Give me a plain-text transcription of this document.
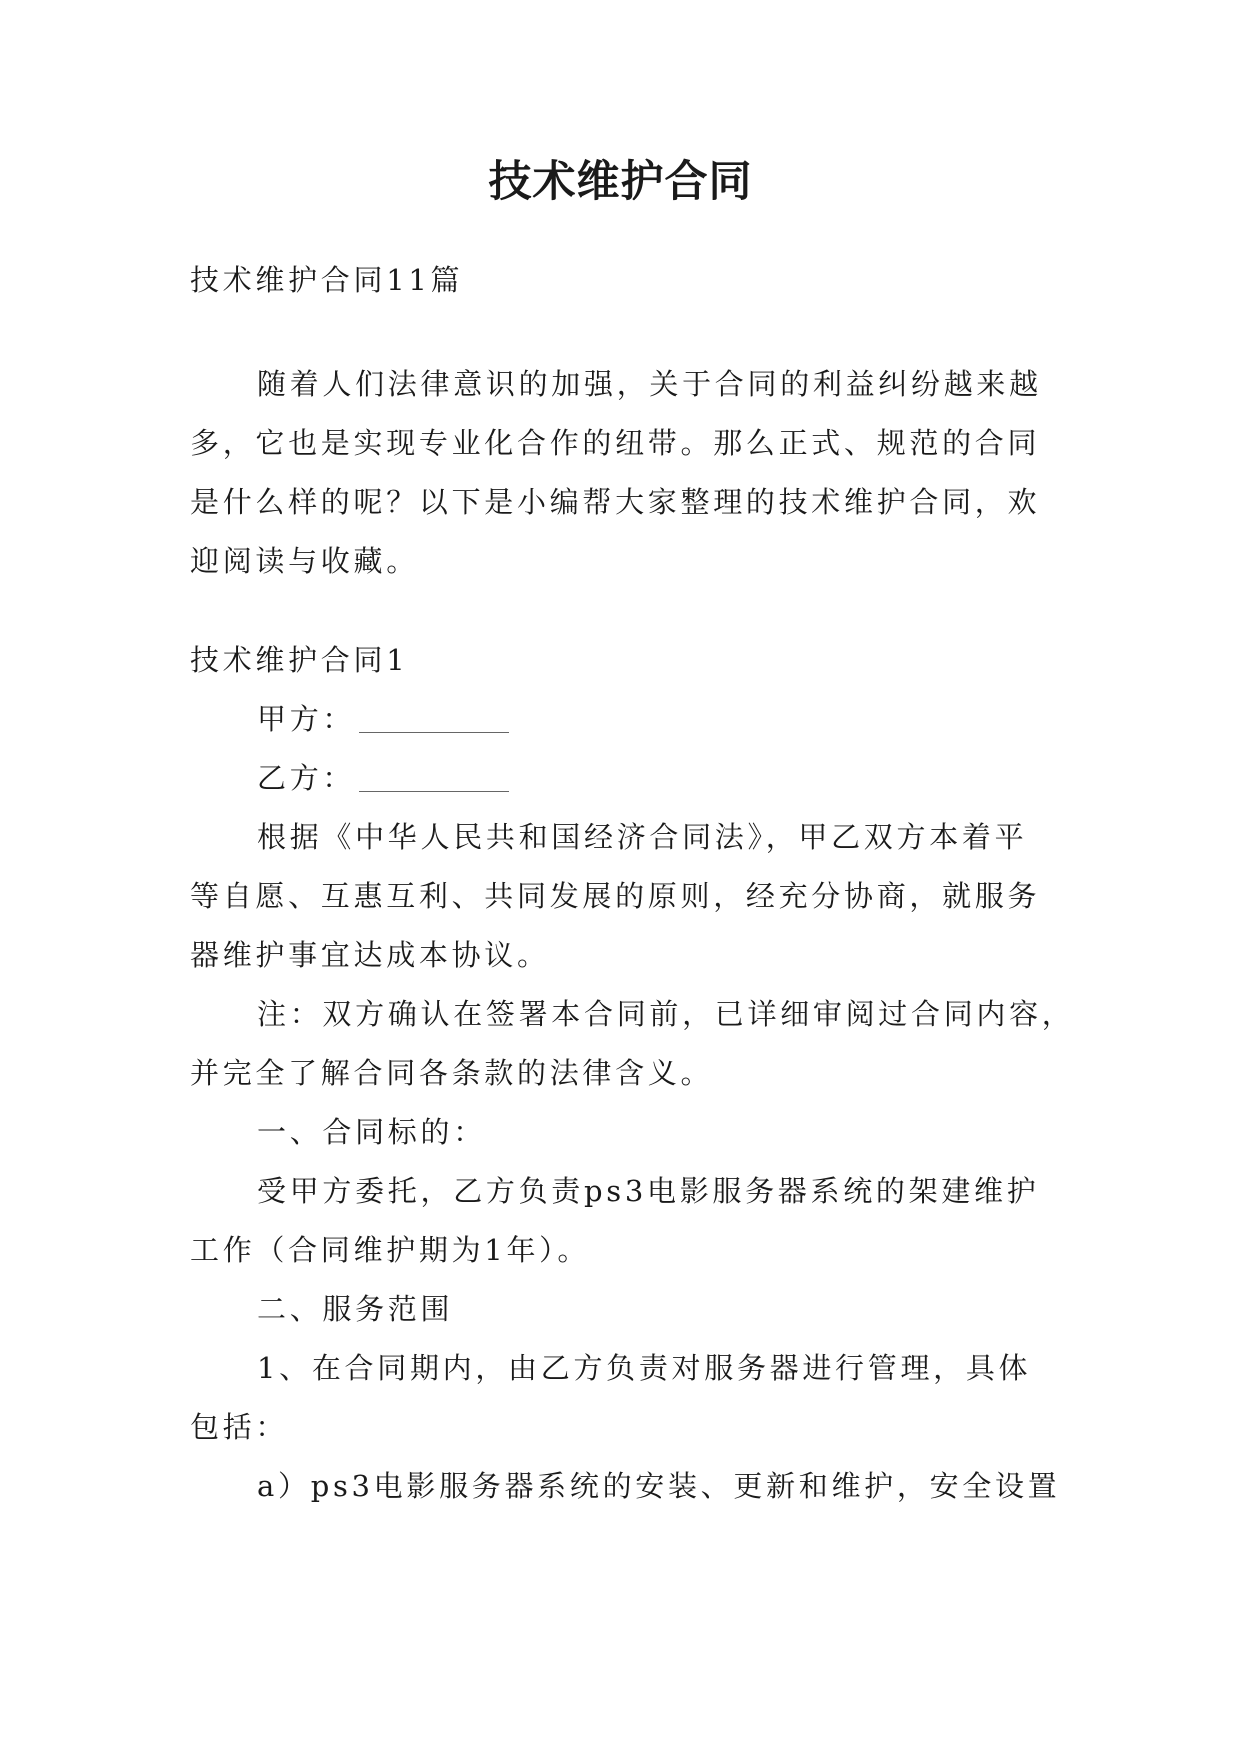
技术维护合同

技术维护合同11篇

随着人们法律意识的加强，关于合同的利益纠纷越来越

多，它也是实现专业化合作的纽带。那么正式、规范的合同

是什么样的呢？以下是小编帮大家整理的技术维护合同，欢

迎阅读与收藏。

技术维护合同1

甲方：

乙方：

根据《中华人民共和国经济合同法》，甲乙双方本着平

等自愿、互惠互利、共同发展的原则，经充分协商，就服务

器维护事宜达成本协议。

注：双方确认在签署本合同前，已详细审阅过合同内容，

并完全了解合同各条款的法律含义。

一、合同标的：

受甲方委托，乙方负责ps3电影服务器系统的架建维护

工作（合同维护期为1年）。

二、服务范围

1、在合同期内，由乙方负责对服务器进行管理，具体

包括：

a）ps3电影服务器系统的安装、更新和维护，安全设置
